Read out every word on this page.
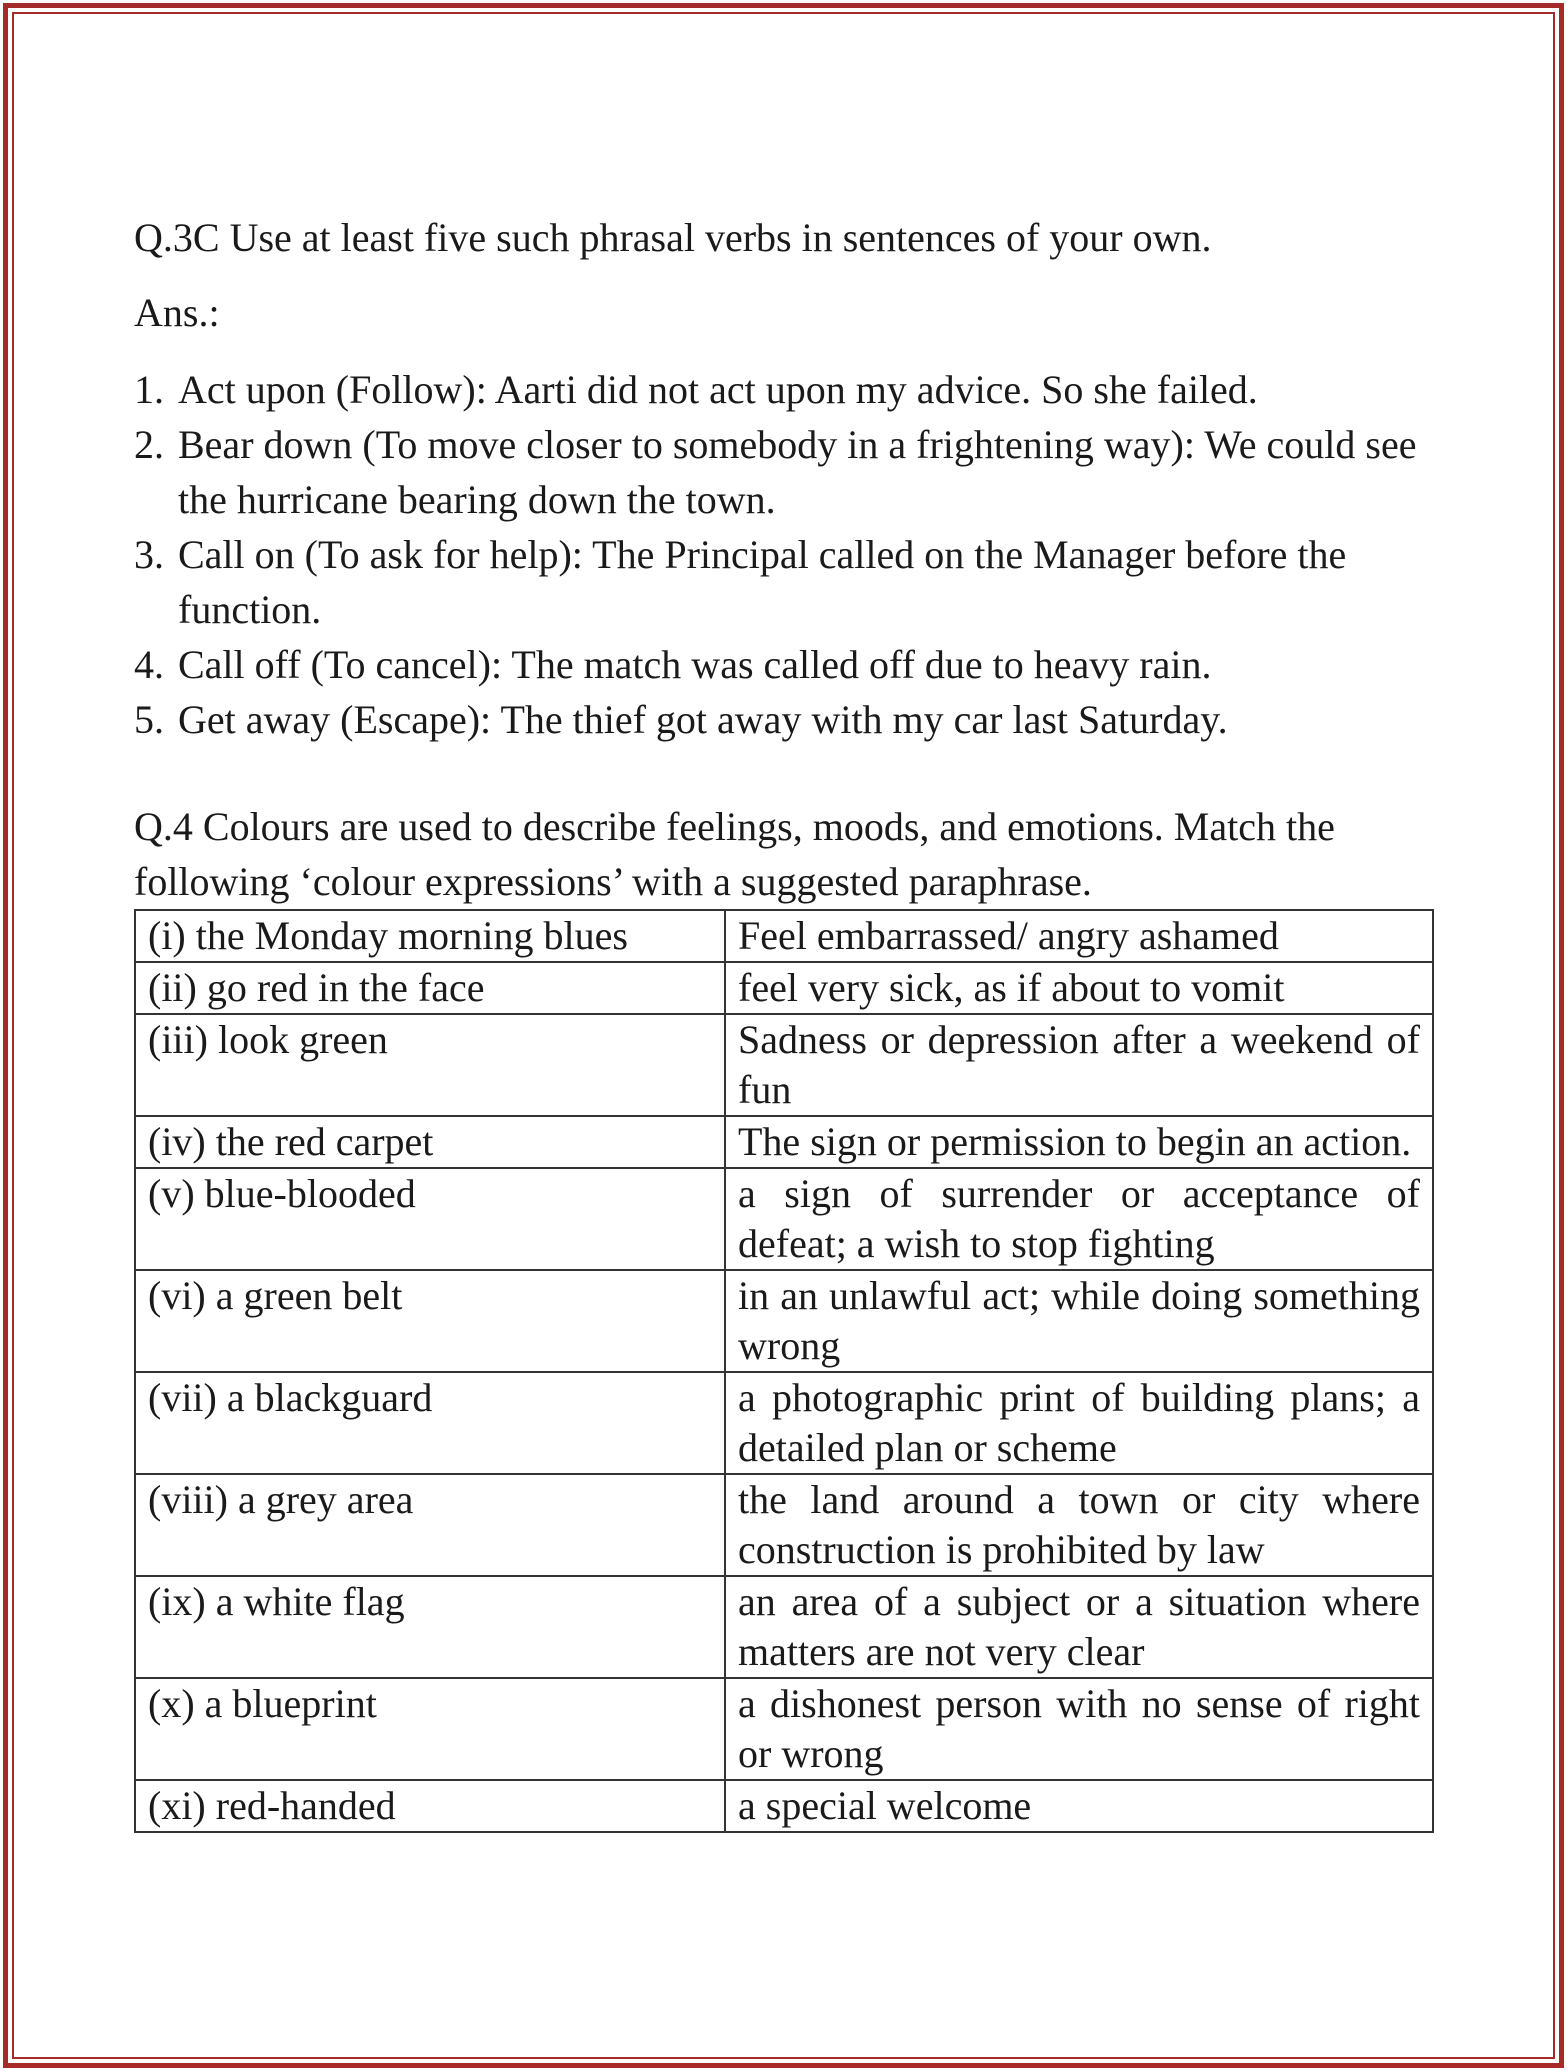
Q.3C Use at least five such phrasal verbs in sentences of your own.

Ans.:

1. Act upon (Follow): Aarti did not act upon my advice. So she failed.
2. Bear down (To move closer to somebody in a frightening way): We could see the hurricane bearing down the town.
3. Call on (To ask for help): The Principal called on the Manager before the function.
4. Call off (To cancel): The match was called off due to heavy rain.
5. Get away (Escape): The thief got away with my car last Saturday.

Q.4 Colours are used to describe feelings, moods, and emotions. Match the following ‘colour expressions’ with a suggested paraphrase.

(i) the Monday morning blues	Feel embarrassed/ angry ashamed
(ii) go red in the face	feel very sick, as if about to vomit
(iii) look green	Sadness or depression after a weekend of fun
(iv) the red carpet	The sign or permission to begin an action.
(v) blue-blooded	a sign of surrender or acceptance of defeat; a wish to stop fighting
(vi) a green belt	in an unlawful act; while doing something wrong
(vii) a blackguard	a photographic print of building plans; a detailed plan or scheme
(viii) a grey area	the land around a town or city where construction is prohibited by law
(ix) a white flag	an area of a subject or a situation where matters are not very clear
(x) a blueprint	a dishonest person with no sense of right or wrong
(xi) red-handed	a special welcome
